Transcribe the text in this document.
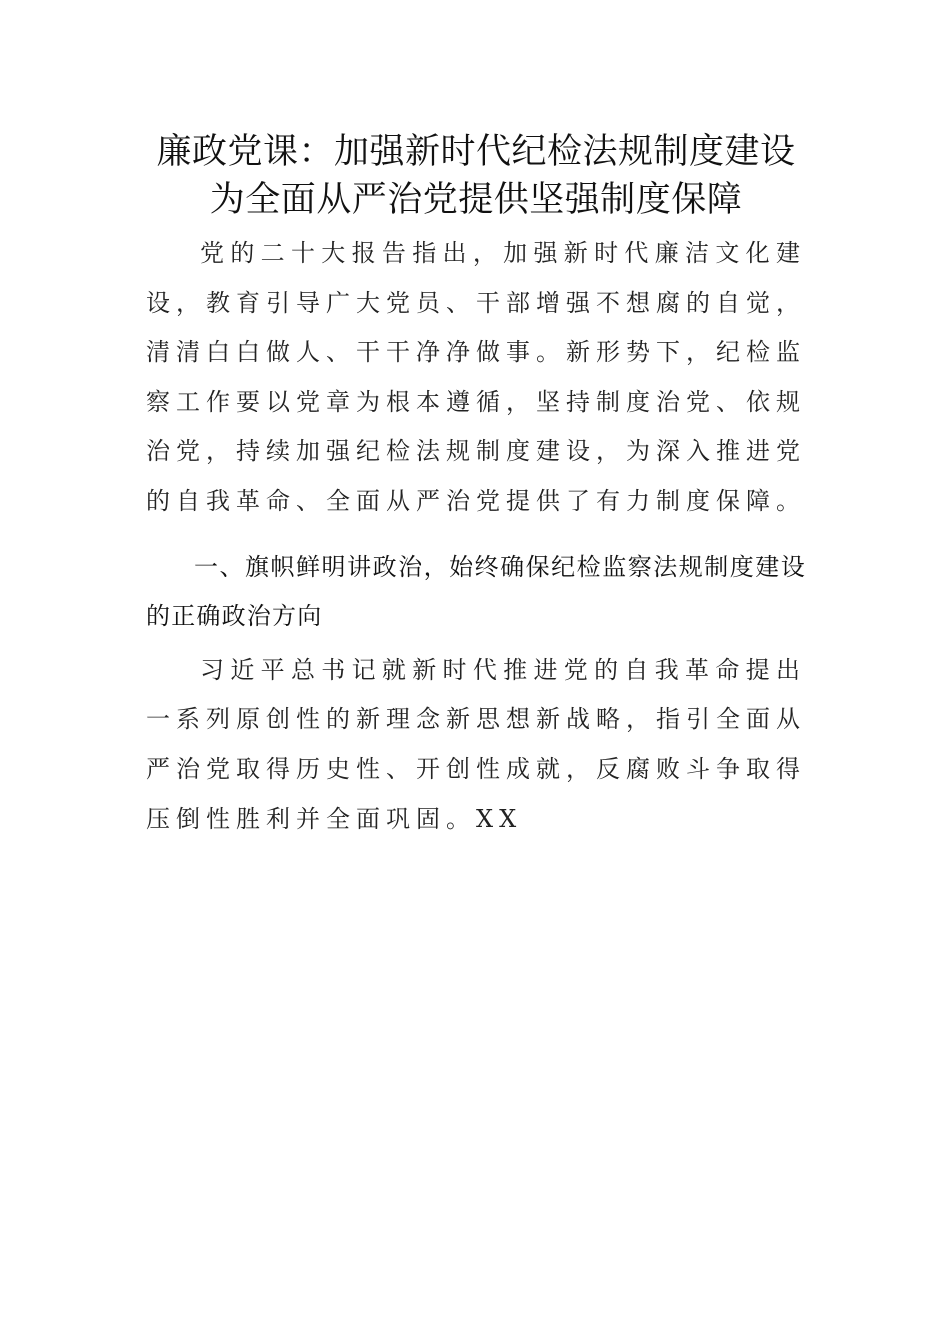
廉政党课：加强新时代纪检法规制度建设
为全面从严治党提供坚强制度保障

党的二十大报告指出，加强新时代廉洁文化建设，教育引导广大党员、干部增强不想腐的自觉，清清白白做人、干干净净做事。新形势下，纪检监察工作要以党章为根本遵循，坚持制度治党、依规治党，持续加强纪检法规制度建设，为深入推进党的自我革命、全面从严治党提供了有力制度保障。

一、旗帜鲜明讲政治，始终确保纪检监察法规制度建设的正确政治方向

习近平总书记就新时代推进党的自我革命提出一系列原创性的新理念新思想新战略，指引全面从严治党取得历史性、开创性成就，反腐败斗争取得压倒性胜利并全面巩固。XX
